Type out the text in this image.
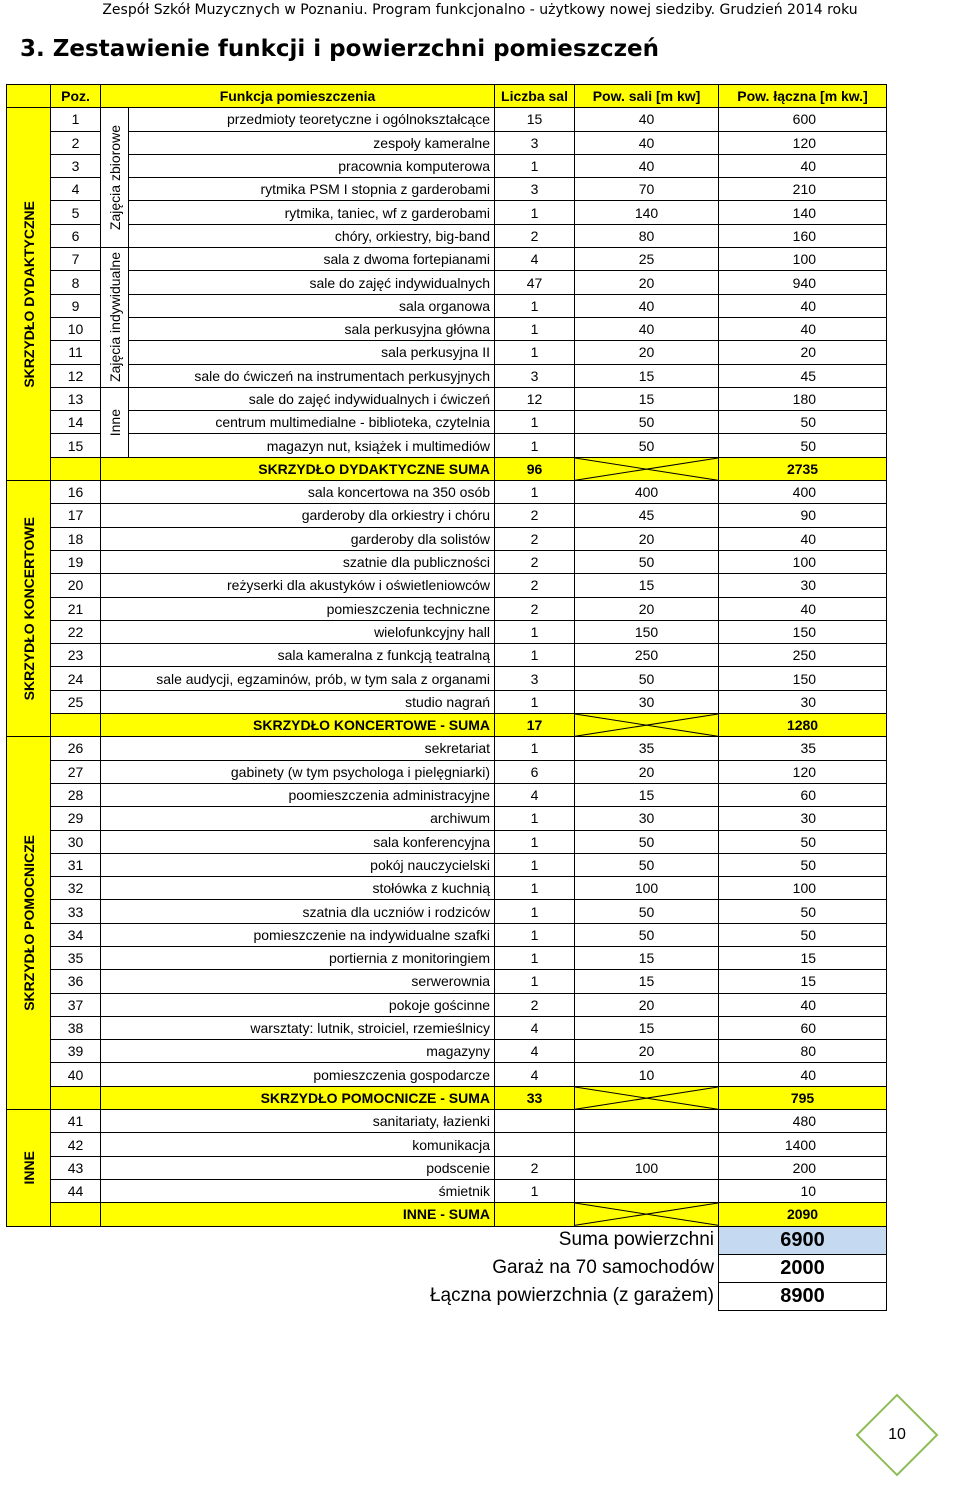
Zespół Szkół Muzycznych w Poznaniu. Program funkcjonalno - użytkowy nowej siedziby. Grudzień 2014 roku
3. Zestawienie funkcji i powierzchni pomieszczeń
	Poz.	Funkcja pomieszczenia		Liczba sal	Pow. sali [m kw]	Pow. łączna [m kw.]

SKRZYDŁO DYDAKTYCZNE	1	Zajęcia zbiorowe	przedmioty teoretyczne i ogólnokształcące	15	40	600
	2		zespoły kameralne	3	40	120
	3		pracownia komputerowa	1	40	40
	4		rytmika PSM I stopnia z garderobami	3	70	210
	5		rytmika, taniec, wf z garderobami	1	140	140
	6		chóry, orkiestry, big-band	2	80	160
	7	Zajęcia indywidualne	sala z dwoma fortepianami	4	25	100
	8		sale do zajęć indywidualnych	47	20	940
	9		sala organowa	1	40	40
	10		sala perkusyjna główna	1	40	40
	11		sala perkusyjna II	1	20	20
	12		sale do ćwiczeń na instrumentach perkusyjnych	3	15	45
	13	Inne	sale do zajęć indywidualnych i ćwiczeń	12	15	180
	14		centrum multimedialne - biblioteka, czytelnia	1	50	50
	15		magazyn nut, książek i multimediów	1	50	50
		SKRZYDŁO DYDAKTYCZNE SUMA		96		2735

SKRZYDŁO KONCERTOWE	16	sala koncertowa na 350 osób		1	400	400
	17	garderoby dla orkiestry i chóru		2	45	90
	18	garderoby dla solistów		2	20	40
	19	szatnie dla publiczności		2	50	100
	20	reżyserki dla akustyków i oświetleniowców		2	15	30
	21	pomieszczenia techniczne		2	20	40
	22	wielofunkcyjny hall		1	150	150
	23	sala kameralna z funkcją teatralną		1	250	250
	24	sale audycji, egzaminów, prób, w tym sala z organami		3	50	150
	25	studio nagrań		1	30	30
		SKRZYDŁO KONCERTOWE - SUMA		17		1280

SKRZYDŁO POMOCNICZE	26	sekretariat		1	35	35
	27	gabinety (w tym psychologa i pielęgniarki)		6	20	120
	28	poomieszczenia administracyjne		4	15	60
	29	archiwum		1	30	30
	30	sala konferencyjna		1	50	50
	31	pokój nauczycielski		1	50	50
	32	stołówka z kuchnią		1	100	100
	33	szatnia dla uczniów i rodziców		1	50	50
	34	pomieszczenie na indywidualne szafki		1	50	50
	35	portiernia z monitoringiem		1	15	15
	36	serwerownia		1	15	15
	37	pokoje gościnne		2	20	40
	38	warsztaty: lutnik, stroiciel, rzemieślnicy		4	15	60
	39	magazyny		4	20	80
	40	pomieszczenia gospodarcze		4	10	40
		SKRZYDŁO POMOCNICZE - SUMA		33		795

INNE	41	sanitariaty, łazienki				480
	42	komunikacja				1400
	43	podscenie		2	100	200
	44	śmietnik		1		10
		INNE - SUMA				2090
	Suma powierzchni					6900
	Garaż na 70 samochodów					2000
	Łączna powierzchnia (z garażem)					8900
10
